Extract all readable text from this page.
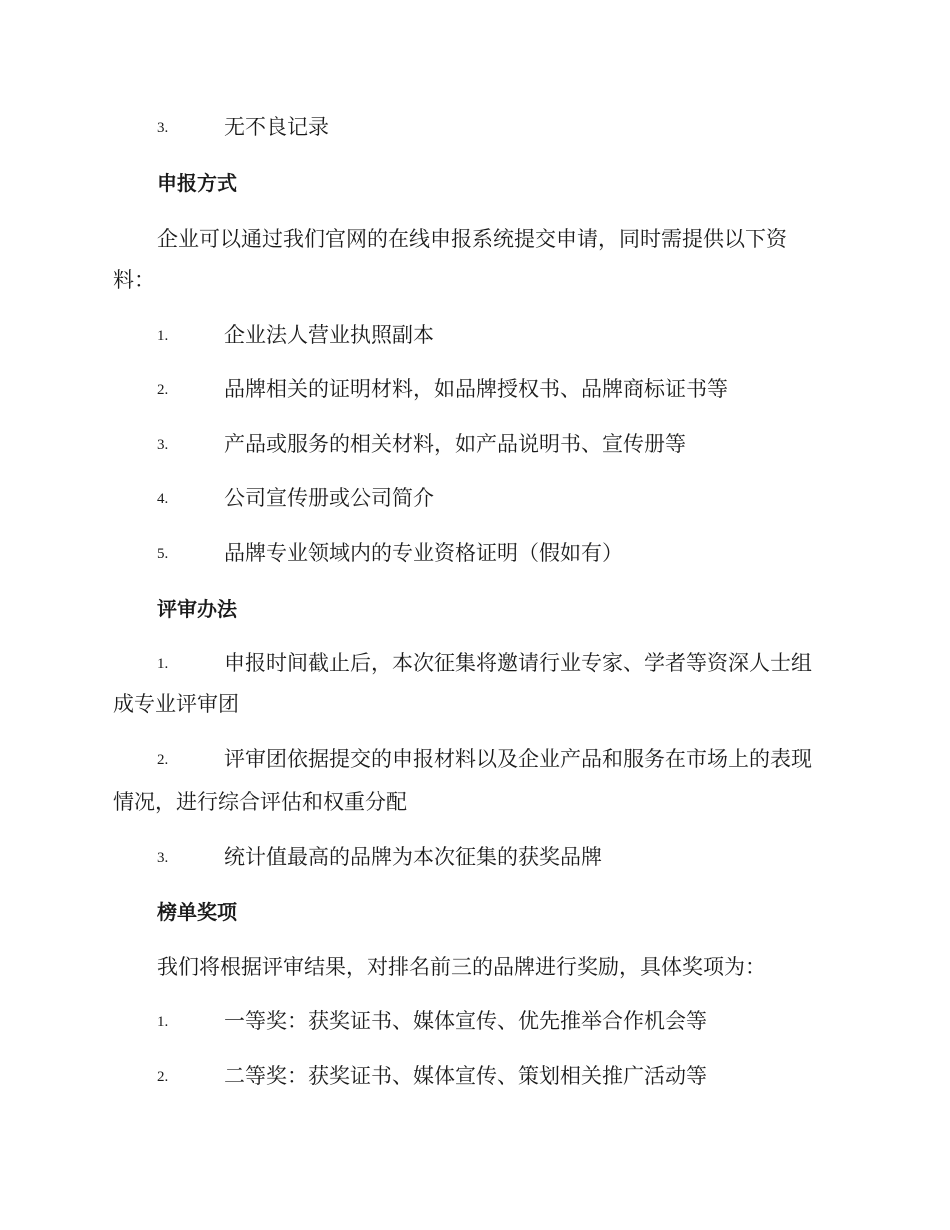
3.	无不良记录
申报方式
企业可以通过我们官网的在线申报系统提交申请，同时需提供以下资
料：
1.	企业法人营业执照副本
2.	品牌相关的证明材料，如品牌授权书、品牌商标证书等
3.	产品或服务的相关材料，如产品说明书、宣传册等
4.	公司宣传册或公司简介
5.	品牌专业领域内的专业资格证明（假如有）
评审办法
1.	申报时间截止后，本次征集将邀请行业专家、学者等资深人士组
成专业评审团
2.	评审团依据提交的申报材料以及企业产品和服务在市场上的表现
情况，进行综合评估和权重分配
3.	统计值最高的品牌为本次征集的获奖品牌
榜单奖项
我们将根据评审结果，对排名前三的品牌进行奖励，具体奖项为：
1.	一等奖：获奖证书、媒体宣传、优先推举合作机会等
2.	二等奖：获奖证书、媒体宣传、策划相关推广活动等
